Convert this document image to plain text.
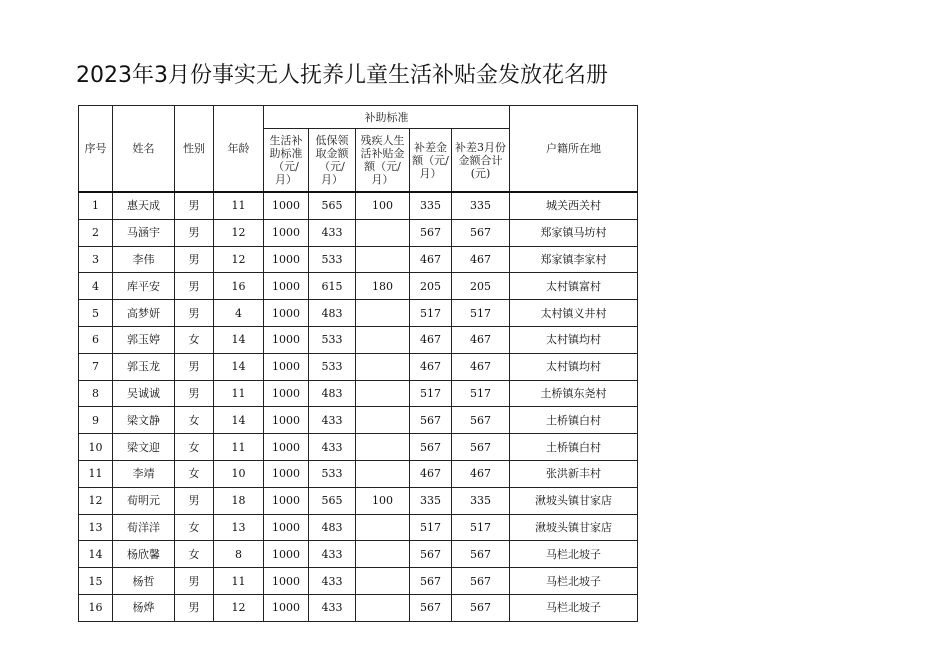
2023年3月份事实无人抚养儿童生活补贴金发放花名册
序号	姓名	性别	年龄	补助标准					户籍所在地
				生活补助标准（元/月）	低保领取金额（元/月）	残疾人生活补贴金额（元/月）	补差金额（元/月）	补差3月份金额合计(元)	
1	惠天成	男	11	1000	565	100	335	335	城关西关村
2	马涵宇	男	12	1000	433		567	567	郑家镇马坊村
3	李伟	男	12	1000	533		467	467	郑家镇李家村
4	库平安	男	16	1000	615	180	205	205	太村镇富村
5	高梦妍	男	4	1000	483		517	517	太村镇义井村
6	郭玉婷	女	14	1000	533		467	467	太村镇均村
7	郭玉龙	男	14	1000	533		467	467	太村镇均村
8	吴诚诚	男	11	1000	483		517	517	土桥镇东尧村
9	梁文静	女	14	1000	433		567	567	土桥镇白村
10	梁文迎	女	11	1000	433		567	567	土桥镇白村
11	李靖	女	10	1000	533		467	467	张洪新丰村
12	荀明元	男	18	1000	565	100	335	335	湫坡头镇甘家店
13	荀洋洋	女	13	1000	483		517	517	湫坡头镇甘家店
14	杨欣馨	女	8	1000	433		567	567	马栏北坡子
15	杨哲	男	11	1000	433		567	567	马栏北坡子
16	杨烨	男	12	1000	433		567	567	马栏北坡子
